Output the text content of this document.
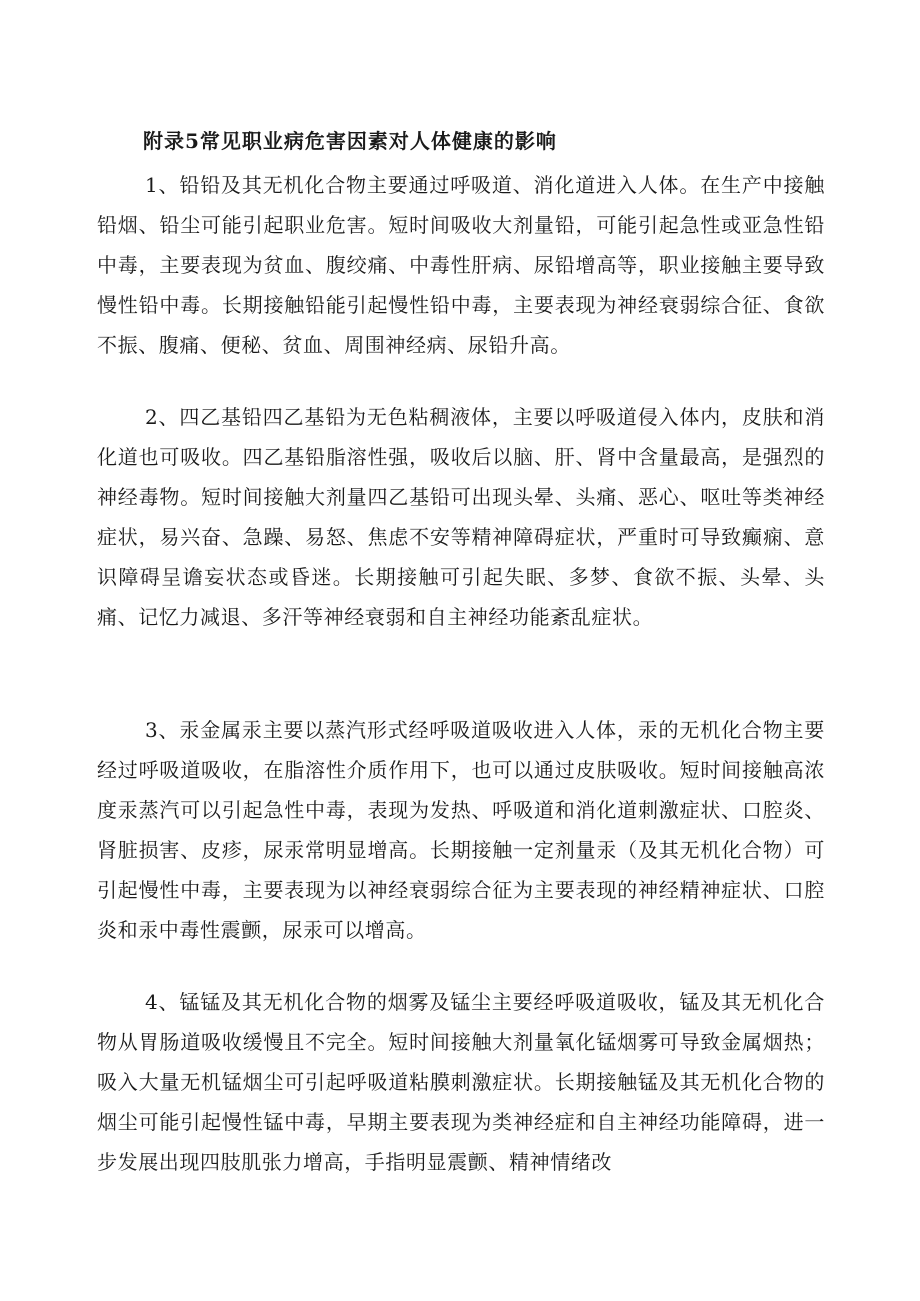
附录5常见职业病危害因素对人体健康的影响

1、铅铅及其无机化合物主要通过呼吸道、消化道进入人体。在生产中接触铅烟、铅尘可能引起职业危害。短时间吸收大剂量铅，可能引起急性或亚急性铅中毒，主要表现为贫血、腹绞痛、中毒性肝病、尿铅增高等，职业接触主要导致慢性铅中毒。长期接触铅能引起慢性铅中毒，主要表现为神经衰弱综合征、食欲不振、腹痛、便秘、贫血、周围神经病、尿铅升高。

2、四乙基铅四乙基铅为无色粘稠液体，主要以呼吸道侵入体内，皮肤和消化道也可吸收。四乙基铅脂溶性强，吸收后以脑、肝、肾中含量最高，是强烈的神经毒物。短时间接触大剂量四乙基铅可出现头晕、头痛、恶心、呕吐等类神经症状，易兴奋、急躁、易怒、焦虑不安等精神障碍症状，严重时可导致癫痫、意识障碍呈谵妄状态或昏迷。长期接触可引起失眠、多梦、食欲不振、头晕、头痛、记忆力减退、多汗等神经衰弱和自主神经功能紊乱症状。

3、汞金属汞主要以蒸汽形式经呼吸道吸收进入人体，汞的无机化合物主要经过呼吸道吸收，在脂溶性介质作用下，也可以通过皮肤吸收。短时间接触高浓度汞蒸汽可以引起急性中毒，表现为发热、呼吸道和消化道刺激症状、口腔炎、肾脏损害、皮疹，尿汞常明显增高。长期接触一定剂量汞（及其无机化合物）可引起慢性中毒，主要表现为以神经衰弱综合征为主要表现的神经精神症状、口腔炎和汞中毒性震颤，尿汞可以增高。

4、锰锰及其无机化合物的烟雾及锰尘主要经呼吸道吸收，锰及其无机化合物从胃肠道吸收缓慢且不完全。短时间接触大剂量氧化锰烟雾可导致金属烟热；吸入大量无机锰烟尘可引起呼吸道粘膜刺激症状。长期接触锰及其无机化合物的烟尘可能引起慢性锰中毒，早期主要表现为类神经症和自主神经功能障碍，进一步发展出现四肢肌张力增高，手指明显震颤、精神情绪改
